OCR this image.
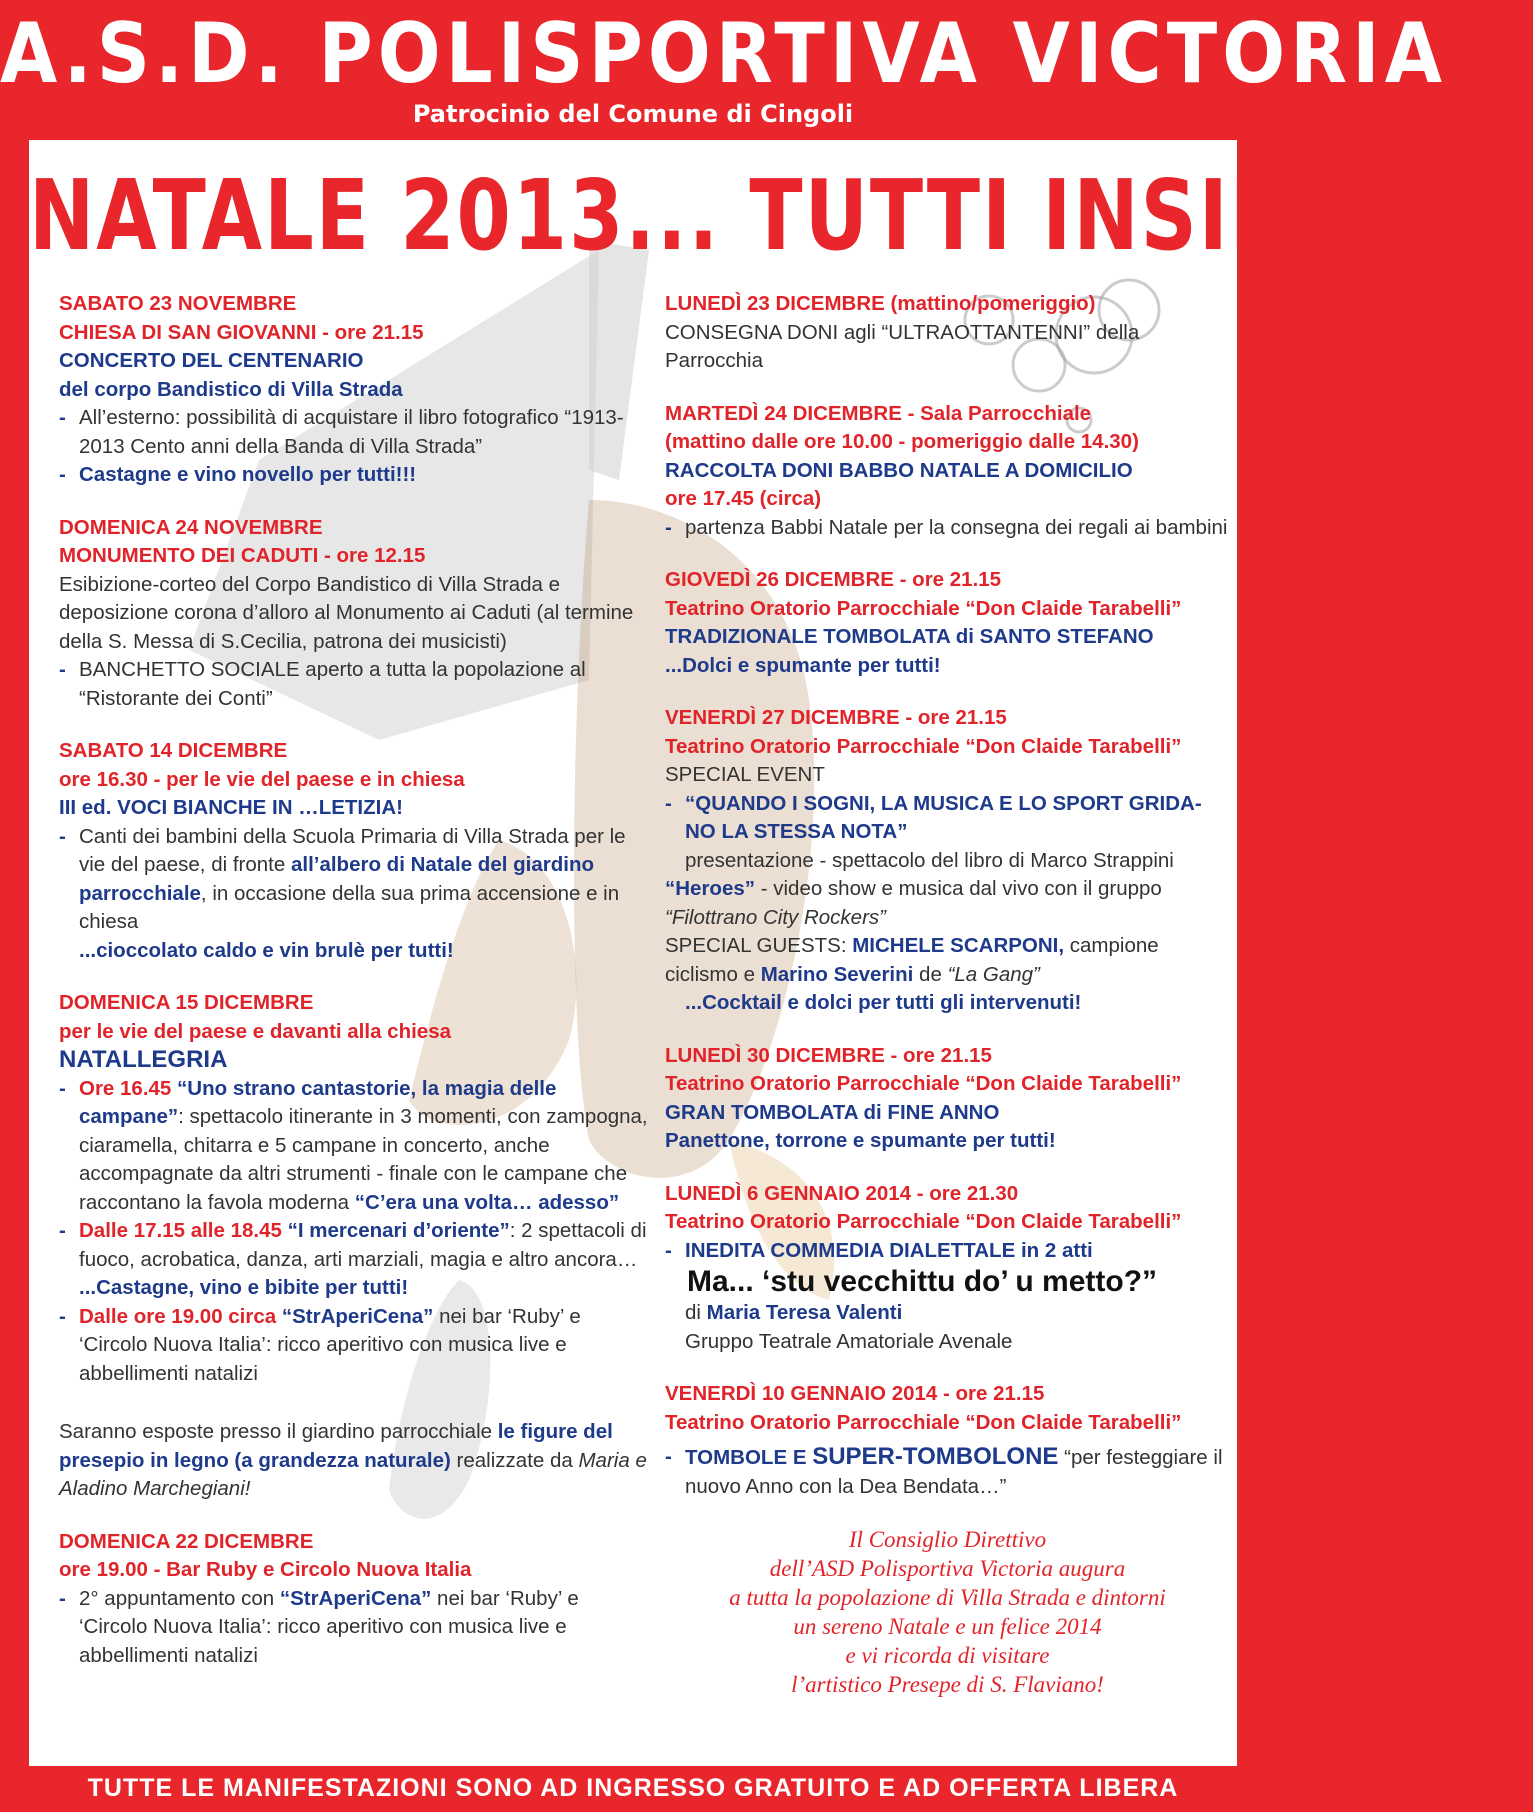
A.S.D. POLISPORTIVA VICTORIA
Patrocinio del Comune di Cingoli
NATALE 2013... TUTTI INSIEME!!!
SABATO 23 NOVEMBRE
CHIESA DI SAN GIOVANNI - ore 21.15
CONCERTO DEL CENTENARIO
del corpo Bandistico di Villa Strada
- All’esterno: possibilità di acquistare il libro fotografico “1913-2013 Cento anni della Banda di Villa Strada”
- Castagne e vino novello per tutti!!!
DOMENICA 24 NOVEMBRE
MONUMENTO DEI CADUTI - ore 12.15
Esibizione-corteo del Corpo Bandistico di Villa Strada e deposizione corona d’alloro al Monumento ai Caduti (al termine della S. Messa di S.Cecilia, patrona dei musicisti)
- BANCHETTO SOCIALE aperto a tutta la popolazione al “Ristorante dei Conti”
SABATO 14 DICEMBRE
ore 16.30 - per le vie del paese e in chiesa
III ed. VOCI BIANCHE IN …LETIZIA!
- Canti dei bambini della Scuola Primaria di Villa Strada per le vie del paese, di fronte all’albero di Natale del giardino parrocchiale, in occasione della sua prima accensione e in chiesa
...cioccolato caldo e vin brulè per tutti!
DOMENICA 15 DICEMBRE
per le vie del paese e davanti alla chiesa
NATALLEGRIA
- Ore 16.45 “Uno strano cantastorie, la magia delle campane”: spettacolo itinerante in 3 momenti, con zampogna, ciaramella, chitarra e 5 campane in concerto, anche accompagnate da altri strumenti - finale con le campane che raccontano la favola moderna “C’era una volta… adesso”
- Dalle 17.15 alle 18.45 “I mercenari d’oriente”: 2 spettacoli di fuoco, acrobatica, danza, arti marziali, magia e altro ancora…
...Castagne, vino e bibite per tutti!
- Dalle ore 19.00 circa “StrAperiCena” nei bar ‘Ruby’ e ‘Circolo Nuova Italia’: ricco aperitivo con musica live e abbellimenti natalizi
Saranno esposte presso il giardino parrocchiale le figure del presepio in legno (a grandezza naturale) realizzate da Maria e Aladino Marchegiani!
DOMENICA 22 DICEMBRE
ore 19.00 - Bar Ruby e Circolo Nuova Italia
- 2° appuntamento con “StrAperiCena” nei bar ‘Ruby’ e ‘Circolo Nuova Italia’: ricco aperitivo con musica live e abbellimenti natalizi
LUNEDÌ 23 DICEMBRE (mattino/pomeriggio)
CONSEGNA DONI agli “ULTRAOTTANTENNI” della Parrocchia
MARTEDÌ 24 DICEMBRE - Sala Parrocchiale
(mattino dalle ore 10.00 - pomeriggio dalle 14.30)
RACCOLTA DONI BABBO NATALE A DOMICILIO
ore 17.45 (circa)
- partenza Babbi Natale per la consegna dei regali ai bambini
GIOVEDÌ 26 DICEMBRE - ore 21.15
Teatrino Oratorio Parrocchiale “Don Claide Tarabelli”
TRADIZIONALE TOMBOLATA di SANTO STEFANO
...Dolci e spumante per tutti!
VENERDÌ 27 DICEMBRE - ore 21.15
Teatrino Oratorio Parrocchiale “Don Claide Tarabelli”
SPECIAL EVENT
- “QUANDO I SOGNI, LA MUSICA E LO SPORT GRIDA-NO LA STESSA NOTA”
presentazione - spettacolo del libro di Marco Strappini
“Heroes” - video show e musica dal vivo con il gruppo
“Filottrano City Rockers”
SPECIAL GUESTS: MICHELE SCARPONI, campione ciclismo e Marino Severini de “La Gang”
...Cocktail e dolci per tutti gli intervenuti!
LUNEDÌ 30 DICEMBRE - ore 21.15
Teatrino Oratorio Parrocchiale “Don Claide Tarabelli”
GRAN TOMBOLATA di FINE ANNO
Panettone, torrone e spumante per tutti!
LUNEDÌ 6 GENNAIO 2014 - ore 21.30
Teatrino Oratorio Parrocchiale “Don Claide Tarabelli”
- INEDITA COMMEDIA DIALETTALE in 2 atti
Ma... ‘stu vecchittu do’ u metto?”
di Maria Teresa Valenti
Gruppo Teatrale Amatoriale Avenale
VENERDÌ 10 GENNAIO 2014 - ore 21.15
Teatrino Oratorio Parrocchiale “Don Claide Tarabelli”
- TOMBOLE E SUPER-TOMBOLONE “per festeggiare il nuovo Anno con la Dea Bendata…”
Il Consiglio Direttivo
dell’ASD Polisportiva Victoria augura
a tutta la popolazione di Villa Strada e dintorni
un sereno Natale e un felice 2014
e vi ricorda di visitare
l’artistico Presepe di S. Flaviano!
TUTTE LE MANIFESTAZIONI SONO AD INGRESSO GRATUITO E AD OFFERTA LIBERA
